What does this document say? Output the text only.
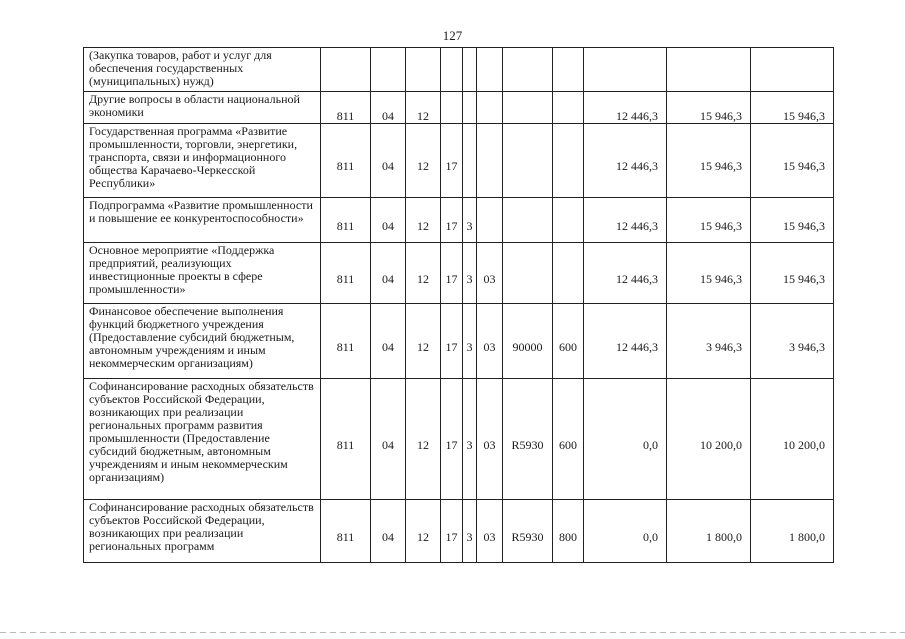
127
(Закупка товаров, работ и услуг для обеспечения государственных (муниципальных) нужд)											
Другие вопросы в области национальной экономики	811	04	12						12 446,3	15 946,3	15 946,3
Государственная программа «Развитие промышленности, торговли, энергетики, транспорта, связи и информационного общества Карачаево-Черкесской Республики»	811	04	12	17					12 446,3	15 946,3	15 946,3
Подпрограмма «Развитие промышленности и повышение ее конкурентоспособности»	811	04	12	17	3				12 446,3	15 946,3	15 946,3
Основное мероприятие «Поддержка предприятий, реализующих инвестиционные проекты в сфере промышленности»	811	04	12	17	3	03			12 446,3	15 946,3	15 946,3
Финансовое обеспечение выполнения функций бюджетного учреждения (Предоставление субсидий бюджетным, автономным учреждениям и иным некоммерческим организациям)	811	04	12	17	3	03	90000	600	12 446,3	3 946,3	3 946,3
Софинансирование расходных обязательств субъектов Российской Федерации, возникающих при реализации региональных программ развития промышленности (Предоставление субсидий бюджетным, автономным учреждениям и иным некоммерческим организациям)	811	04	12	17	3	03	R5930	600	0,0	10 200,0	10 200,0
Софинансирование расходных обязательств субъектов Российской Федерации, возникающих при реализации региональных программ	811	04	12	17	3	03	R5930	800	0,0	1 800,0	1 800,0
